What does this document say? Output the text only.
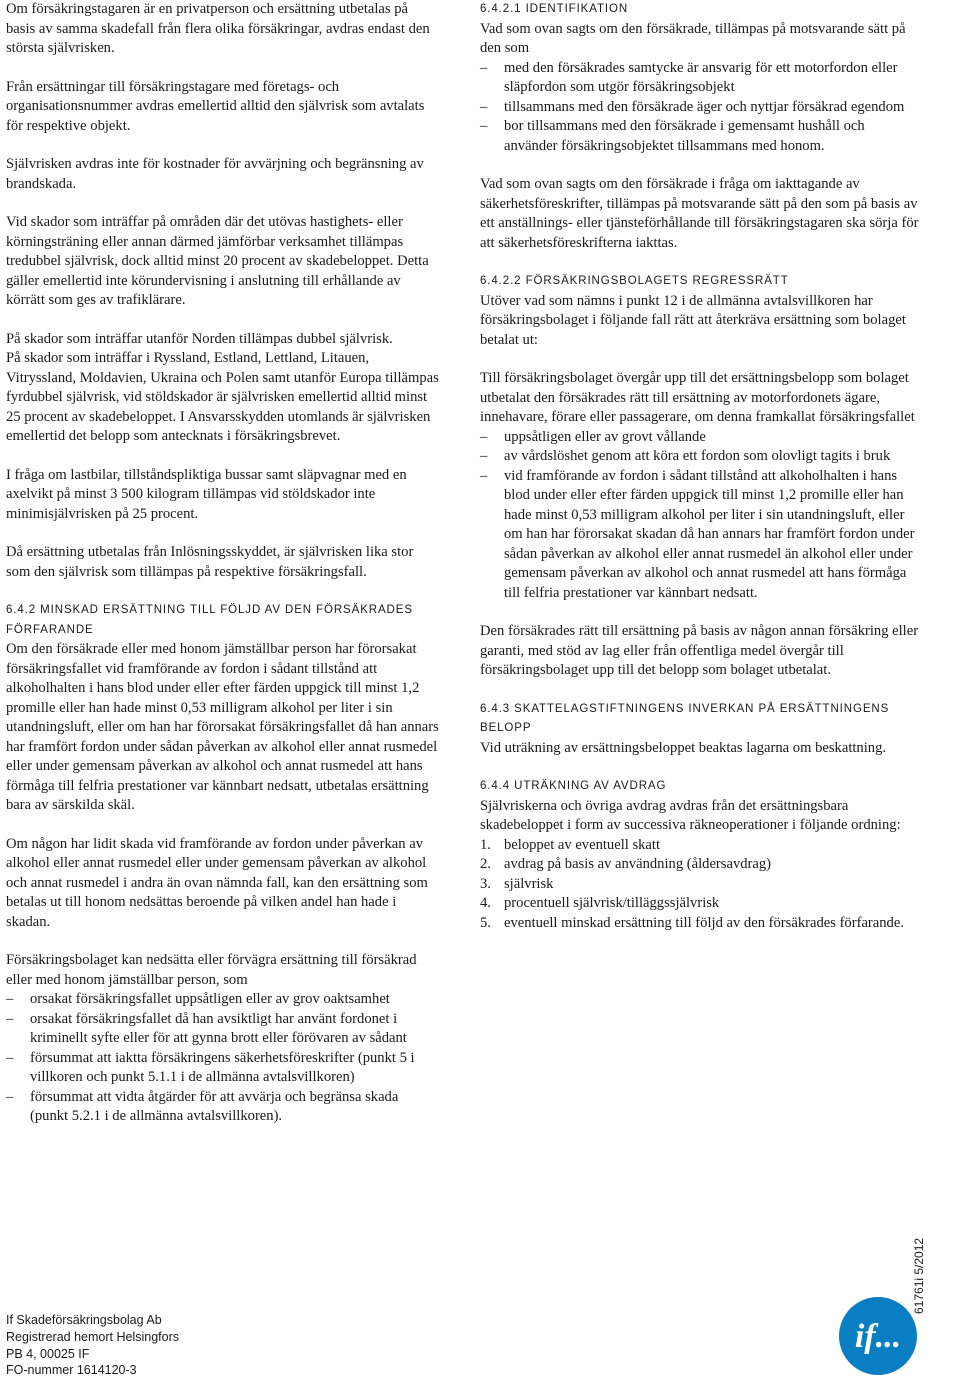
Om försäkringstagaren är en privatperson och ersättning utbetalas på basis av samma skadefall från flera olika försäkringar, avdras endast den största självrisken.

Från ersättningar till försäkringstagare med företags- och organisationsnummer avdras emellertid alltid den självrisk som avtalats för respektive objekt.

Självrisken avdras inte för kostnader för avvärjning och begränsning av brandskada.

Vid skador som inträffar på områden där det utövas hastighets- eller körningsträning eller annan därmed jämförbar verksamhet tillämpas tredubbel självrisk, dock alltid minst 20 procent av skadebeloppet. Detta gäller emellertid inte körundervisning i anslutning till erhållande av körrätt som ges av trafiklärare.

På skador som inträffar utanför Norden tillämpas dubbel självrisk.

På skador som inträffar i Ryssland, Estland, Lettland, Litauen, Vitryssland, Moldavien, Ukraina och Polen samt utanför Europa tillämpas fyrdubbel självrisk, vid stöldskador är självrisken emellertid alltid minst 25 procent av skadebeloppet. I Ansvarsskydden utomlands är självrisken emellertid det belopp som antecknats i försäkringsbrevet.

I fråga om lastbilar, tillståndspliktiga bussar samt släpvagnar med en axelvikt på minst 3 500 kilogram tillämpas vid stöldskador inte minimisjälvrisken på 25 procent.

Då ersättning utbetalas från Inlösningsskyddet, är självrisken lika stor som den självrisk som tillämpas på respektive försäkringsfall.

6.4.2 MINSKAD ERSÄTTNING TILL FÖLJD AV DEN FÖRSÄKRADES FÖRFARANDE

Om den försäkrade eller med honom jämställbar person har förorsakat försäkringsfallet vid framförande av fordon i sådant tillstånd att alkoholhalten i hans blod under eller efter färden uppgick till minst 1,2 promille eller han hade minst 0,53 milligram alkohol per liter i sin utandningsluft, eller om han har förorsakat försäkringsfallet då han annars har framfört fordon under sådan påverkan av alkohol eller annat rusmedel eller under gemensam påverkan av alkohol och annat rusmedel att hans förmåga till felfria prestationer var kännbart nedsatt, utbetalas ersättning bara av särskilda skäl.

Om någon har lidit skada vid framförande av fordon under påverkan av alkohol eller annat rusmedel eller under gemensam påverkan av alkohol och annat rusmedel i andra än ovan nämnda fall, kan den ersättning som betalas ut till honom nedsättas beroende på vilken andel han hade i skadan.

Försäkringsbolaget kan nedsätta eller förvägra ersättning till försäkrad eller med honom jämställbar person, som

– orsakat försäkringsfallet uppsåtligen eller av grov oaktsamhet
– orsakat försäkringsfallet då han avsiktligt har använt fordonet i kriminellt syfte eller för att gynna brott eller förövaren av sådant
– försummat att iaktta försäkringens säkerhetsföreskrifter (punkt 5 i villkoren och punkt 5.1.1 i de allmänna avtalsvillkoren)
– försummat att vidta åtgärder för att avvärja och begränsa skada (punkt 5.2.1 i de allmänna avtalsvillkoren).
6.4.2.1 IDENTIFIKATION

Vad som ovan sagts om den försäkrade, tillämpas på motsvarande sätt på den som

– med den försäkrades samtycke är ansvarig för ett motorfordon eller släpfordon som utgör försäkringsobjekt
– tillsammans med den försäkrade äger och nyttjar försäkrad egendom
– bor tillsammans med den försäkrade i gemensamt hushåll och använder försäkringsobjektet tillsammans med honom.

Vad som ovan sagts om den försäkrade i fråga om iakttagande av säkerhetsföreskrifter, tillämpas på motsvarande sätt på den som på basis av ett anställnings- eller tjänsteförhållande till försäkringstagaren ska sörja för att säkerhetsföreskrifterna iakttas.

6.4.2.2 FÖRSÄKRINGSBOLAGETS REGRESSRÄTT

Utöver vad som nämns i punkt 12 i de allmänna avtalsvillkoren har försäkringsbolaget i följande fall rätt att återkräva ersättning som bolaget betalat ut:

Till försäkringsbolaget övergår upp till det ersättningsbelopp som bolaget utbetalat den försäkrades rätt till ersättning av motorfordonets ägare, innehavare, förare eller passagerare, om denna framkallat försäkringsfallet

– uppsåtligen eller av grovt vållande
– av vårdslöshet genom att köra ett fordon som olovligt tagits i bruk
– vid framförande av fordon i sådant tillstånd att alkoholhalten i hans blod under eller efter färden uppgick till minst 1,2 promille eller han hade minst 0,53 milligram alkohol per liter i sin utandningsluft, eller om han har förorsakat skadan då han annars har framfört fordon under sådan påverkan av alkohol eller annat rusmedel än alkohol eller under gemensam påverkan av alkohol och annat rusmedel att hans förmåga till felfria prestationer var kännbart nedsatt.

Den försäkrades rätt till ersättning på basis av någon annan försäkring eller garanti, med stöd av lag eller från offentliga medel övergår till försäkringsbolaget upp till det belopp som bolaget utbetalat.

6.4.3 SKATTELAGSTIFTNINGENS INVERKAN PÅ ERSÄTTNINGENS BELOPP

Vid uträkning av ersättningsbeloppet beaktas lagarna om beskattning.

6.4.4 UTRÄKNING AV AVDRAG

Självriskerna och övriga avdrag avdras från det ersättningsbara skadebeloppet i form av successiva räkneoperationer i följande ordning:

1. beloppet av eventuell skatt
2. avdrag på basis av användning (åldersavdrag)
3. självrisk
4. procentuell självrisk/tilläggssjälvrisk
5. eventuell minskad ersättning till följd av den försäkrades förfarande.
61761i 5/2012
If Skadeförsäkringsbolag Ab
Registrerad hemort Helsingfors
PB 4, 00025 IF
FO-nummer 1614120-3
if...
